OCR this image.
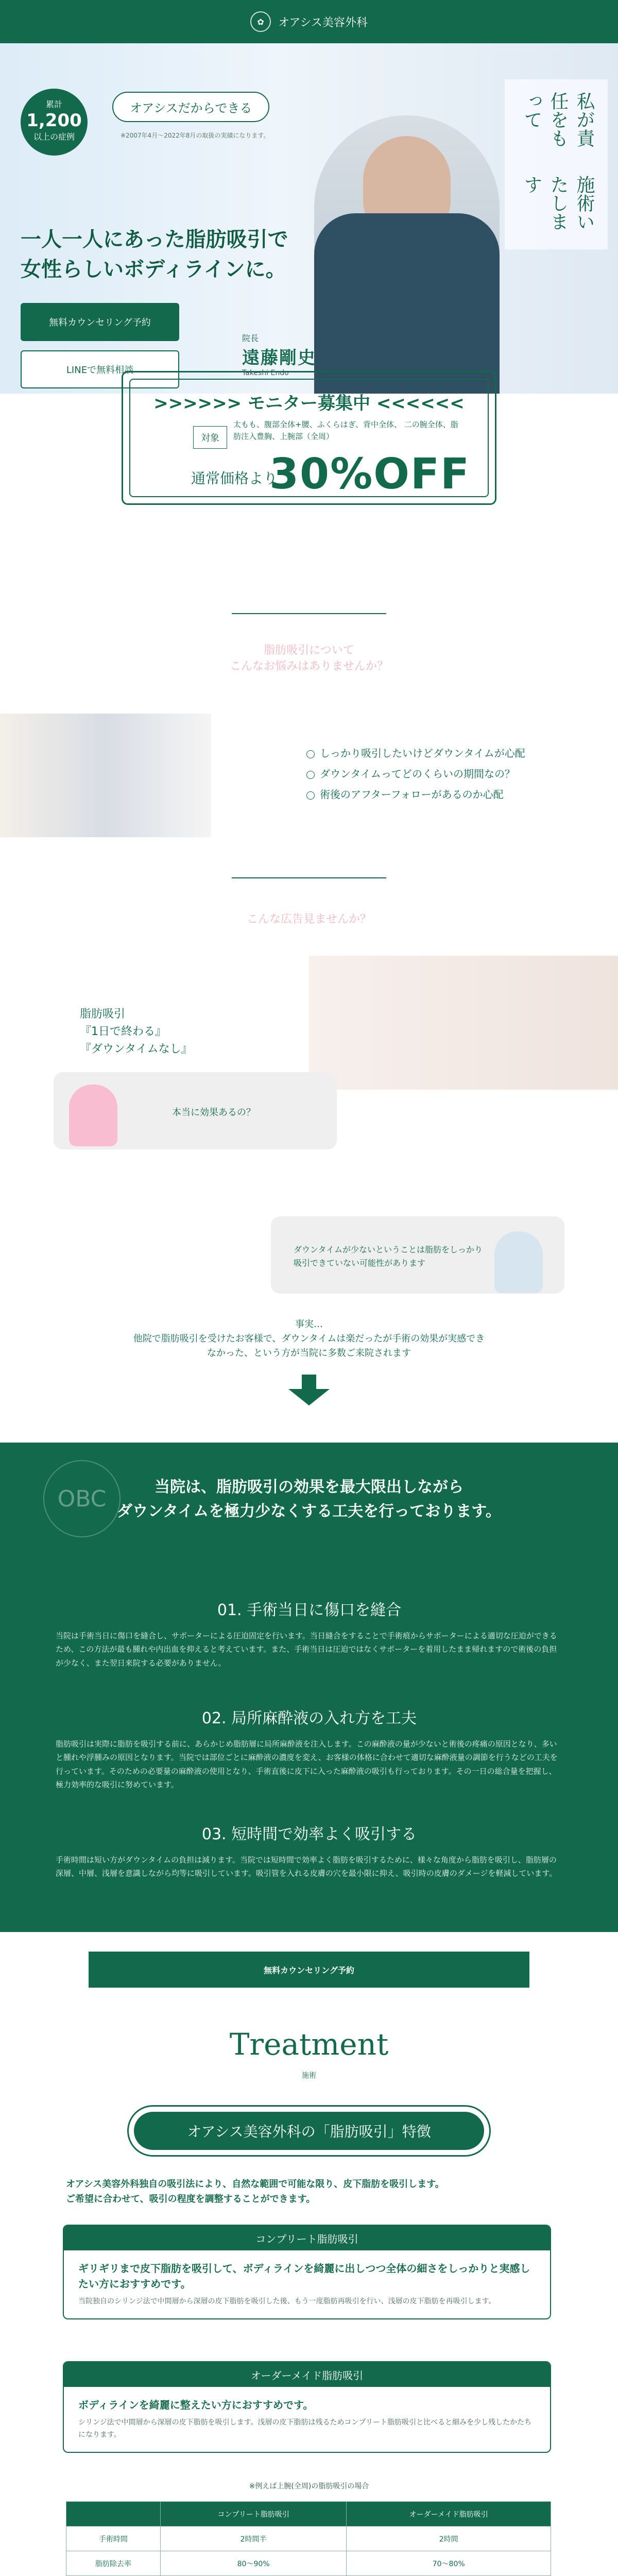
✿	オアシス美容外科
累計
1,200
以上の症例
オアシスだからできる
※2007年4月〜2022年8月の取扱の実績になります。
一人一人にあった脂肪吸引で
女性らしいボディラインに。
無料カウンセリング予約
LINEで無料相談
院長
遠藤剛史
Takeshi Endo
私が責任をもって
施術いたします
>>>>>> モニター募集中 <<<<<<
対象
太もも、腹部全体+腰、ふくらはぎ、背中全体、 二の腕全体、脂肪注入豊胸、上腕部（全周）
通常価格より
30%OFF
脂肪吸引について
こんなお悩みはありませんか？
しっかり吸引したいけどダウンタイムが心配
ダウンタイムってどのくらいの期間なの？
術後のアフターフォローがあるのか心配
こんな広告見ませんか？
脂肪吸引
『1日で終わる』
『ダウンタイムなし』
本当に効果あるの？
ダウンタイムが少ないということは脂肪をしっかり吸引できていない可能性があります
事実…
他院で脂肪吸引を受けたお客様で、ダウンタイムは楽だったが手術の効果が実感できなかった、という方が当院に多数ご来院されます
OBC	当院は、脂肪吸引の効果を最大限出しながら
ダウンタイムを極力少なくする工夫を行っております。
01. 手術当日に傷口を縫合

当院は手術当日に傷口を縫合し、サポーターによる圧迫固定を行います。当日縫合をすることで手術痕からサポーターによる適切な圧迫ができるため、この方法が最も腫れや内出血を抑えると考えています。また、手術当日は圧迫ではなくサポーターを着用したまま帰れますので術後の負担が少なく、また翌日来院する必要がありません。

02. 局所麻酔液の入れ方を工夫

脂肪吸引は実際に脂肪を吸引する前に、あらかじめ脂肪層に局所麻酔液を注入します。この麻酔液の量が少ないと術後の疼痛の原因となり、多いと腫れや浮腫みの原因となります。当院では部位ごとに麻酔液の濃度を変え、お客様の体格に合わせて適切な麻酔液量の調節を行うなどの工夫を行っています。そのための必要量の麻酔液の使用となり、手術直後に皮下に入った麻酔液の吸引も行っております。その一日の総合量を把握し、極力効率的な吸引に努めています。

03. 短時間で効率よく吸引する

手術時間は短い方がダウンタイムの負担は減ります。当院では短時間で効率よく脂肪を吸引するために、様々な角度から脂肪を吸引し、脂肪層の深層、中層、浅層を意識しながら均等に吸引しています。吸引管を入れる皮膚の穴を最小限に抑え、吸引時の皮膚のダメージを軽減しています。

無料カウンセリング予約
Treatment
施術
オアシス美容外科の「脂肪吸引」特徴
オアシス美容外科独自の吸引法により、自然な範囲で可能な限り、皮下脂肪を吸引します。
ご希望に合わせて、吸引の程度を調整することができます。
コンプリート脂肪吸引
ギリギリまで皮下脂肪を吸引して、ボディラインを綺麗に出しつつ全体の細さをしっかりと実感したい方におすすめです。
当院独自のシリンジ法で中間層から深層の皮下脂肪を吸引した後、もう一度脂肪再吸引を行い、浅層の皮下脂肪を再吸引します。
オーダーメイド脂肪吸引
ボディラインを綺麗に整えたい方におすすめです。
シリンジ法で中間層から深層の皮下脂肪を吸引します。浅層の皮下脂肪は残るためコンプリート脂肪吸引と比べると細みを少し残したかたちになります。
※例えば上腕(全周)の脂肪吸引の場合
	コンプリート脂肪吸引	オーダーメイド脂肪吸引
手術時間	2時間半	2時間
脂肪除去率	80〜90%	70〜80%
